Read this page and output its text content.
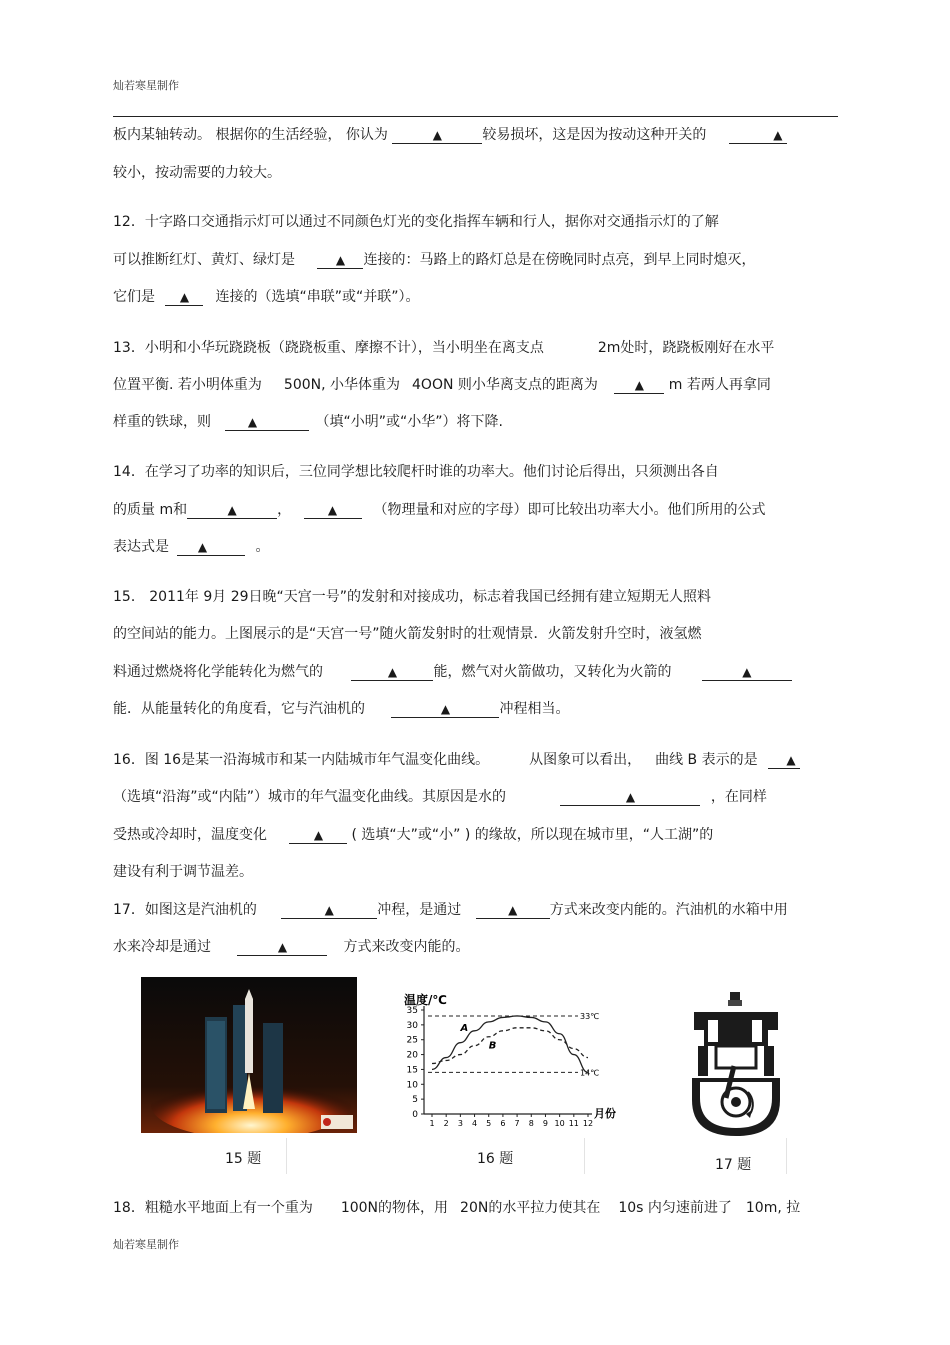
灿若寒星制作
板内某轴转动。 根据你的生活经验， 你认为	▲	较易损坏，这是因为按动这种开关的	▲
较小，按动需要的力较大。
12．十字路口交通指示灯可以通过不同颜色灯光的变化指挥车辆和行人，据你对交通指示灯的了解
可以推断红灯、黄灯、绿灯是	▲ 连接的：马路上的路灯总是在傍晚同时点亮，到早上同时熄灭，
它们是 ▲ 连接的（选填“串联”或“并联”）。
13．小明和小华玩跷跷板（跷跷板重、摩擦不计），当小明坐在离支点	2m处时，跷跷板刚好在水平
位置平衡. 若小明体重为 500N, 小华体重为 4OON 则小华离支点的距离为	▲ m 若两人再拿同
样重的铁球，则	▲	（填“小明”或“小华”）将下降.
14．在学习了功率的知识后，三位同学想比较爬杆时谁的功率大。他们讨论后得出，只须测出各自
的质量 m和	▲	，	▲	（物理量和对应的字母）即可比较出功率大小。他们所用的公式
表达式是 ▲	。
15． 2011年 9月 29日晚“天宫一号”的发射和对接成功，标志着我国已经拥有建立短期无人照料
的空间站的能力。上图展示的是“天宫一号”随火箭发射时的壮观情景．火箭发射升空时，液氢燃
料通过燃烧将化学能转化为燃气的	▲	能，燃气对火箭做功，又转化为火箭的	▲
能．从能量转化的角度看，它与汽油机的	▲	冲程相当。
16．图 16是某一沿海城市和某一内陆城市年气温变化曲线。	从图象可以看出， 曲线 B 表示的是 ▲
（选填“沿海”或“内陆”）城市的年气温变化曲线。其原因是水的	▲	，在同样
受热或冷却时，温度变化	▲ ( 选填“大”或“小” ) 的缘故，所以现在城市里，“人工湖”的
建设有利于调节温差。
17．如图这是汽油机的	▲	冲程，是通过	▲ 方式来改变内能的。汽油机的水箱中用
水来冷却是通过	▲	方式来改变内能的。
15 题
温度/℃
月份
0
5
10
15
20
25
30
35
1 2 3 4 5 6 7 8 9 10 11 12
33℃
14℃
A
B
16 题	17 题
18．粗糙水平地面上有一个重为 100N的物体，用 20N的水平拉力使其在 10s 内匀速前进了 10m, 拉
灿若寒星制作
